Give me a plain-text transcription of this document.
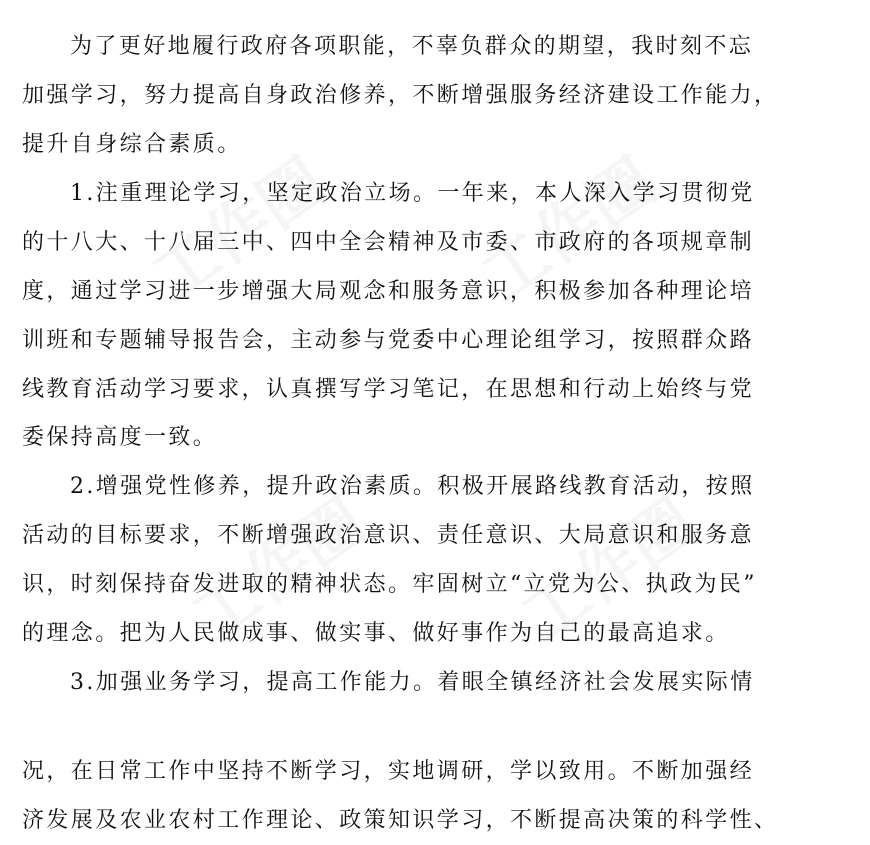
工作圈 工作圈
工作圈 工作圈
为了更好地履行政府各项职能，不辜负群众的期望，我时刻不忘
加强学习，努力提高自身政治修养，不断增强服务经济建设工作能力，
提升自身综合素质。
1.注重理论学习，坚定政治立场。一年来，本人深入学习贯彻党
的十八大、十八届三中、四中全会精神及市委、市政府的各项规章制
度，通过学习进一步增强大局观念和服务意识，积极参加各种理论培
训班和专题辅导报告会，主动参与党委中心理论组学习，按照群众路
线教育活动学习要求，认真撰写学习笔记，在思想和行动上始终与党
委保持高度一致。
2.增强党性修养，提升政治素质。积极开展路线教育活动，按照
活动的目标要求，不断增强政治意识、责任意识、大局意识和服务意
识，时刻保持奋发进取的精神状态。牢固树立“立党为公、执政为民”
的理念。把为人民做成事、做实事、做好事作为自己的最高追求。
3.加强业务学习，提高工作能力。着眼全镇经济社会发展实际情
况，在日常工作中坚持不断学习，实地调研，学以致用。不断加强经
济发展及农业农村工作理论、政策知识学习，不断提高决策的科学性、
